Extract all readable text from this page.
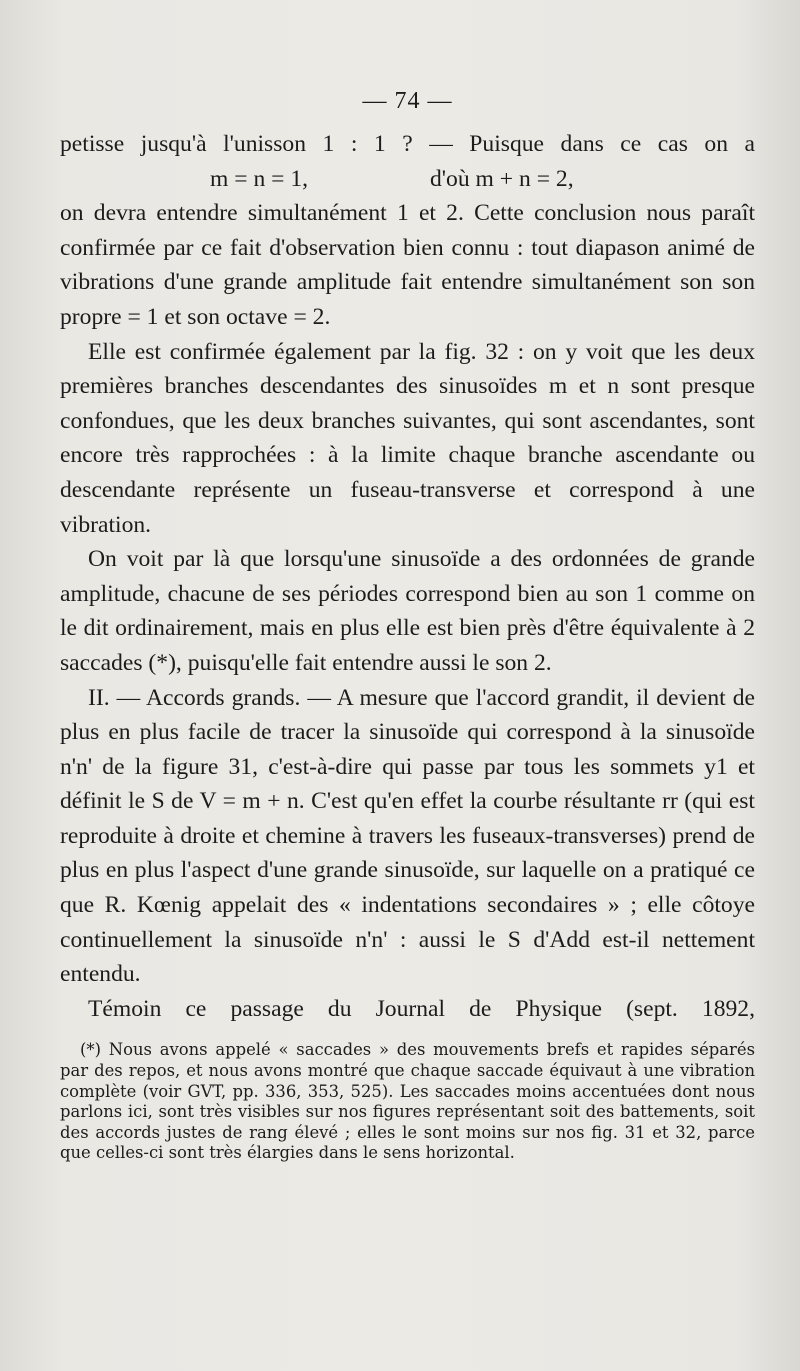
— 74 —

petisse jusqu'à l'unisson 1 : 1 ? — Puisque dans ce cas on a

m = n = 1,	d'où m + n = 2,

on devra entendre simultanément 1 et 2. Cette conclusion nous paraît confirmée par ce fait d'observation bien connu : tout diapason animé de vibrations d'une grande amplitude fait entendre simultanément son son propre = 1 et son octave = 2.

Elle est confirmée également par la fig. 32 : on y voit que les deux premières branches descendantes des sinusoïdes m et n sont presque confondues, que les deux branches suivantes, qui sont ascendantes, sont encore très rapprochées : à la limite chaque branche ascendante ou descendante représente un fuseau-transverse et correspond à une vibration.

On voit par là que lorsqu'une sinusoïde a des ordonnées de grande amplitude, chacune de ses périodes correspond bien au son 1 comme on le dit ordinairement, mais en plus elle est bien près d'être équivalente à 2 saccades (*), puisqu'elle fait entendre aussi le son 2.

II. — Accords grands. — A mesure que l'accord grandit, il devient de plus en plus facile de tracer la sinusoïde qui correspond à la sinusoïde n'n' de la figure 31, c'est-à-dire qui passe par tous les sommets y1 et définit le S de V = m + n. C'est qu'en effet la courbe résultante rr (qui est reproduite à droite et chemine à travers les fuseaux-transverses) prend de plus en plus l'aspect d'une grande sinusoïde, sur laquelle on a pratiqué ce que R. Kœnig appelait des « indentations secondaires » ; elle côtoye continuellement la sinusoïde n'n' : aussi le S d'Add est-il nettement entendu.

Témoin ce passage du Journal de Physique (sept. 1892,

(*) Nous avons appelé « saccades » des mouvements brefs et rapides séparés par des repos, et nous avons montré que chaque saccade équivaut à une vibration complète (voir GVT, pp. 336, 353, 525). Les saccades moins accentuées dont nous parlons ici, sont très visibles sur nos figures représentant soit des battements, soit des accords justes de rang élevé ; elles le sont moins sur nos fig. 31 et 32, parce que celles-ci sont très élargies dans le sens horizontal.
